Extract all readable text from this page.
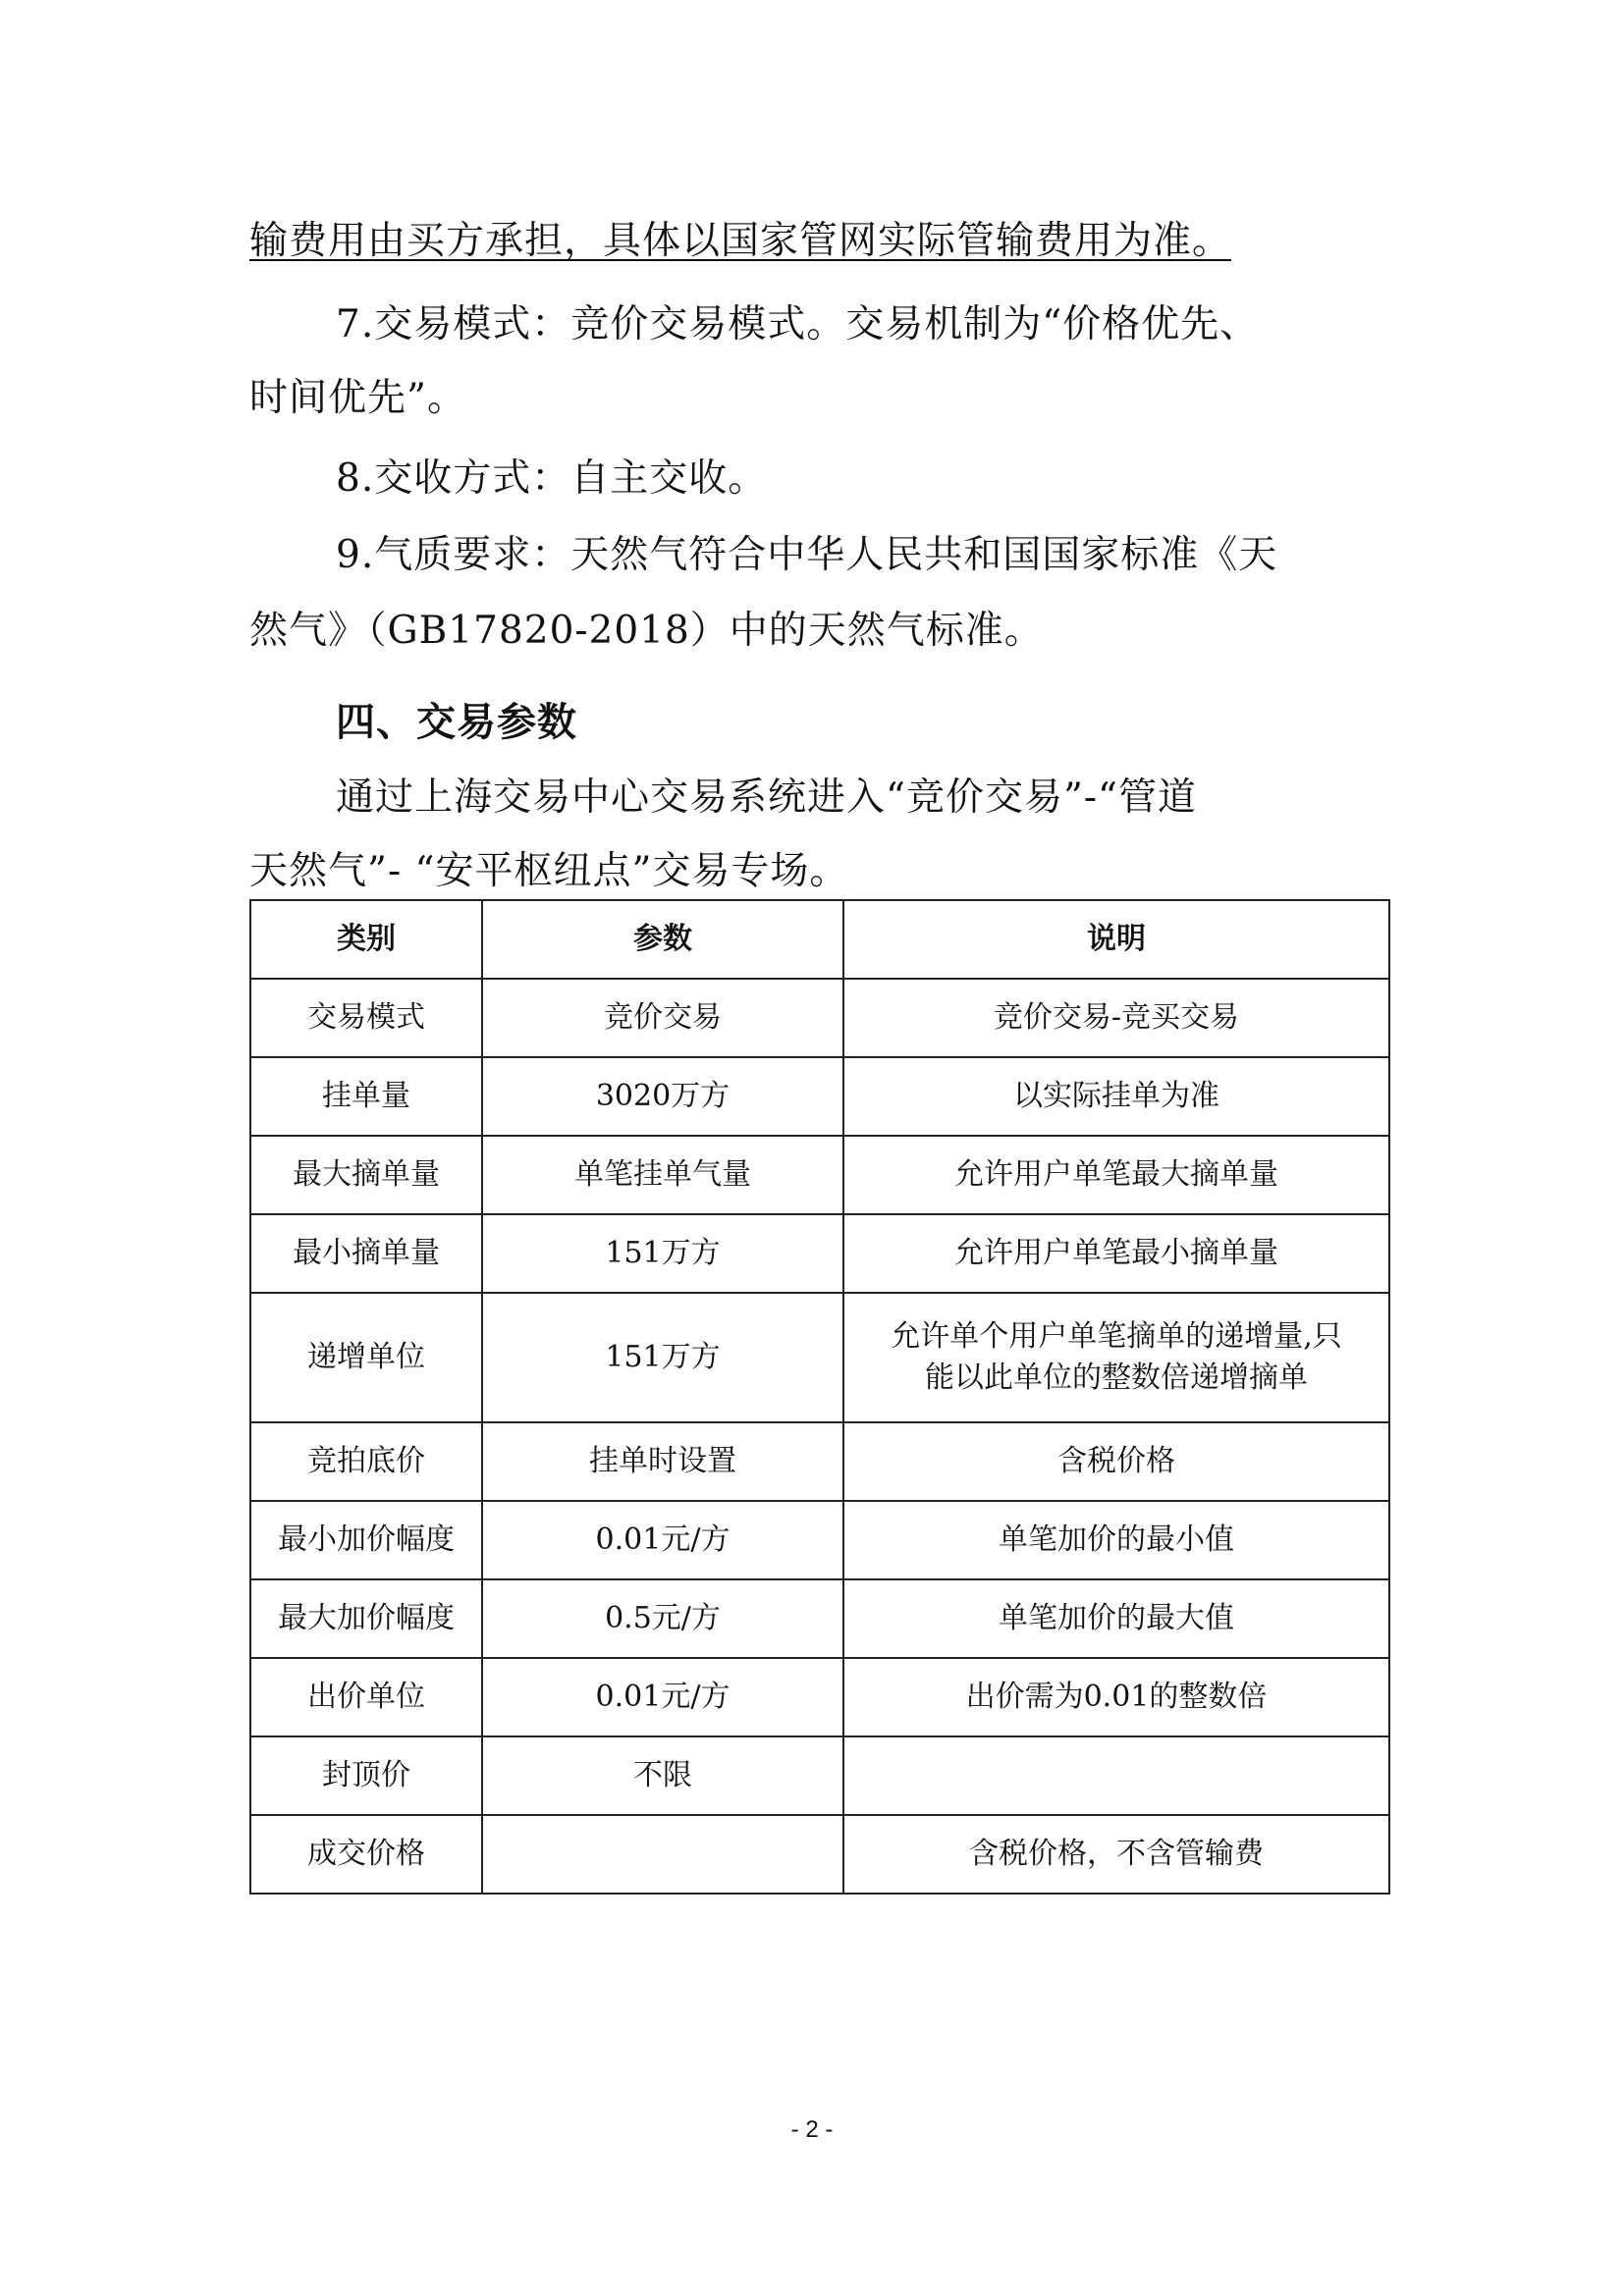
输费用由买方承担，具体以国家管网实际管输费用为准。
7.交易模式：竞价交易模式。交易机制为“价格优先、
时间优先”。
8.交收方式：自主交收。
9.气质要求：天然气符合中华人民共和国国家标准《天
然气》（GB17820-2018）中的天然气标准。
四、交易参数
通过上海交易中心交易系统进入“竞价交易”-“管道
天然气”- “安平枢纽点”交易专场。
类别	参数	说明
交易模式	竞价交易	竞价交易-竞买交易
挂单量	3020万方	以实际挂单为准
最大摘单量	单笔挂单气量	允许用户单笔最大摘单量
最小摘单量	151万方	允许用户单笔最小摘单量
递增单位	151万方	允许单个用户单笔摘单的递增量,只
能以此单位的整数倍递增摘单

竞拍底价	挂单时设置	含税价格
最小加价幅度	0.01元/方	单笔加价的最小值
最大加价幅度	0.5元/方	单笔加价的最大值
出价单位	0.01元/方	出价需为0.01的整数倍
封顶价	不限	
成交价格		含税价格，不含管输费
- 2 -
